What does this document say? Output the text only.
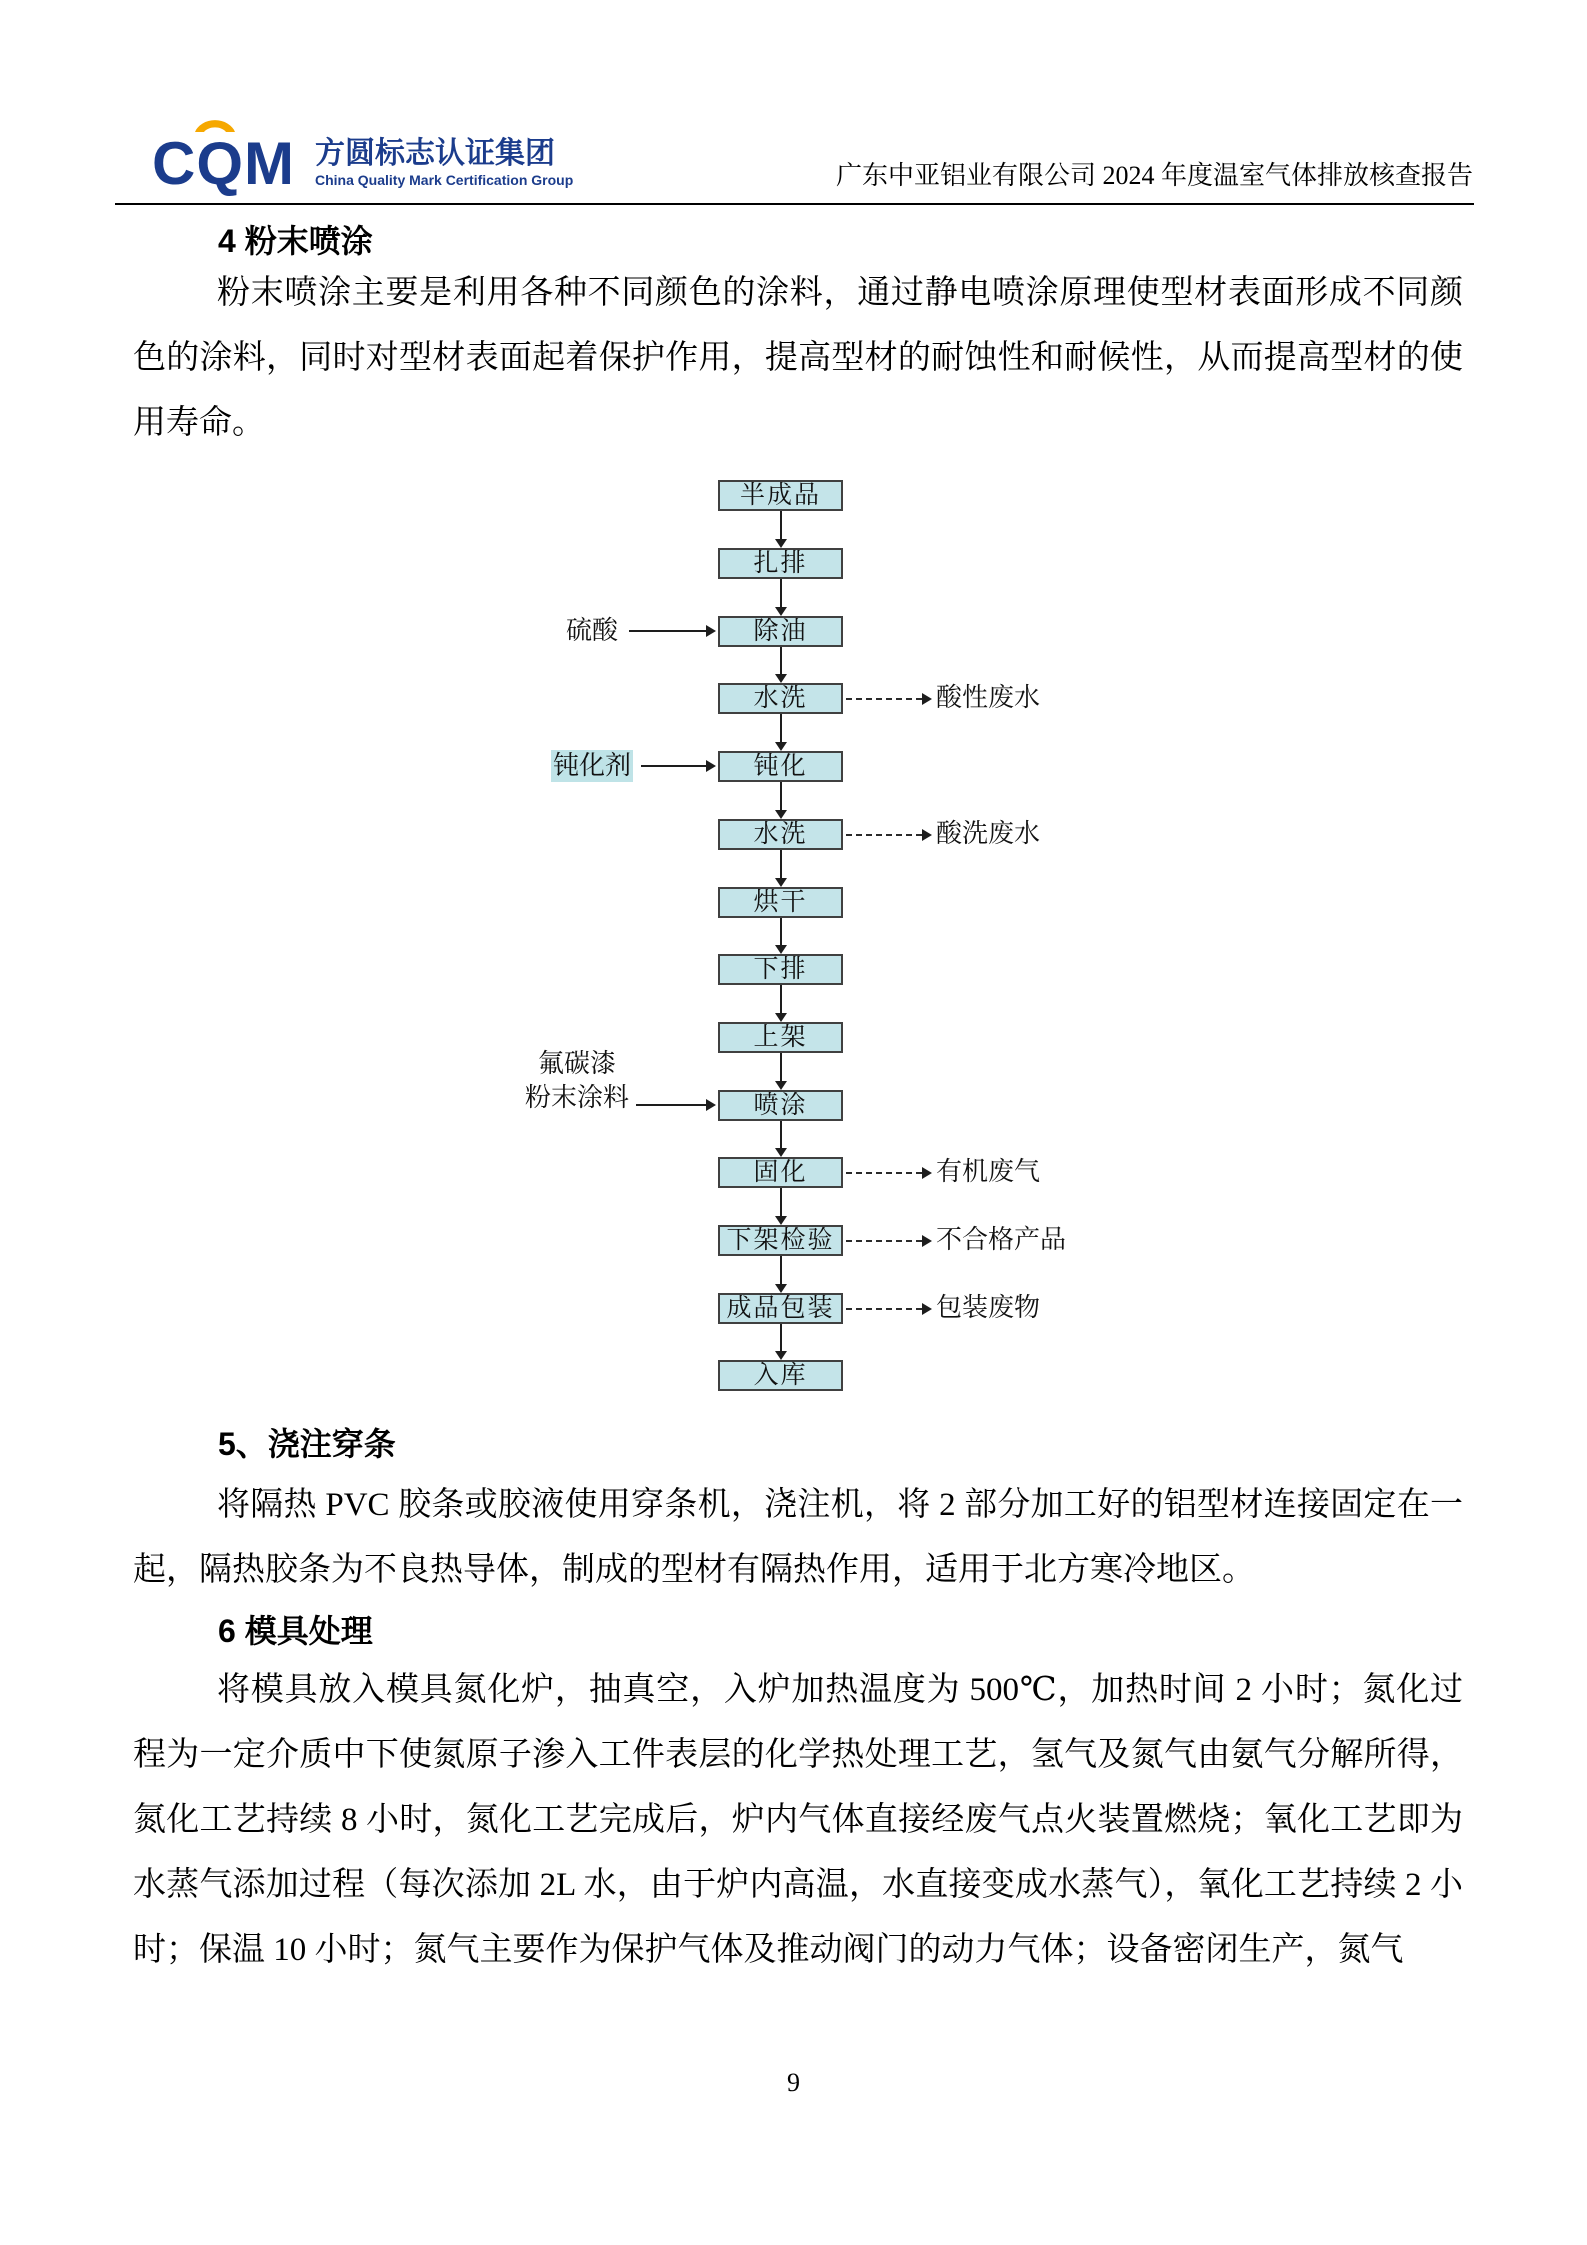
CQM 方圆标志认证集团
China Quality Mark Certification Group	广东中亚铝业有限公司 2024 年度温室气体排放核查报告
4 粉末喷涂
粉末喷涂主要是利用各种不同颜色的涂料，通过静电喷涂原理使型材表面形成不同颜色的涂料，同时对型材表面起着保护作用，提高型材的耐蚀性和耐候性，从而提高型材的使用寿命。
半成品
扎排
除油
水洗
钝化
水洗
烘干
下排
上架
喷涂
固化
下架检验
成品包装
入库
硫酸
钝化剂
氟碳漆
粉末涂料
酸性废水
酸洗废水
有机废气
不合格产品
包装废物
5、浇注穿条
将隔热 PVC 胶条或胶液使用穿条机，浇注机，将 2 部分加工好的铝型材连接固定在一起，隔热胶条为不良热导体，制成的型材有隔热作用，适用于北方寒冷地区。
6 模具处理
将模具放入模具氮化炉，抽真空，入炉加热温度为 500℃，加热时间 2 小时；氮化过程为一定介质中下使氮原子渗入工件表层的化学热处理工艺，氢气及氮气由氨气分解所得，氮化工艺持续 8 小时，氮化工艺完成后，炉内气体直接经废气点火装置燃烧；氧化工艺即为水蒸气添加过程（每次添加 2L 水，由于炉内高温，水直接变成水蒸气），氧化工艺持续 2 小时；保温 10 小时；氮气主要作为保护气体及推动阀门的动力气体；设备密闭生产，氮气
9
